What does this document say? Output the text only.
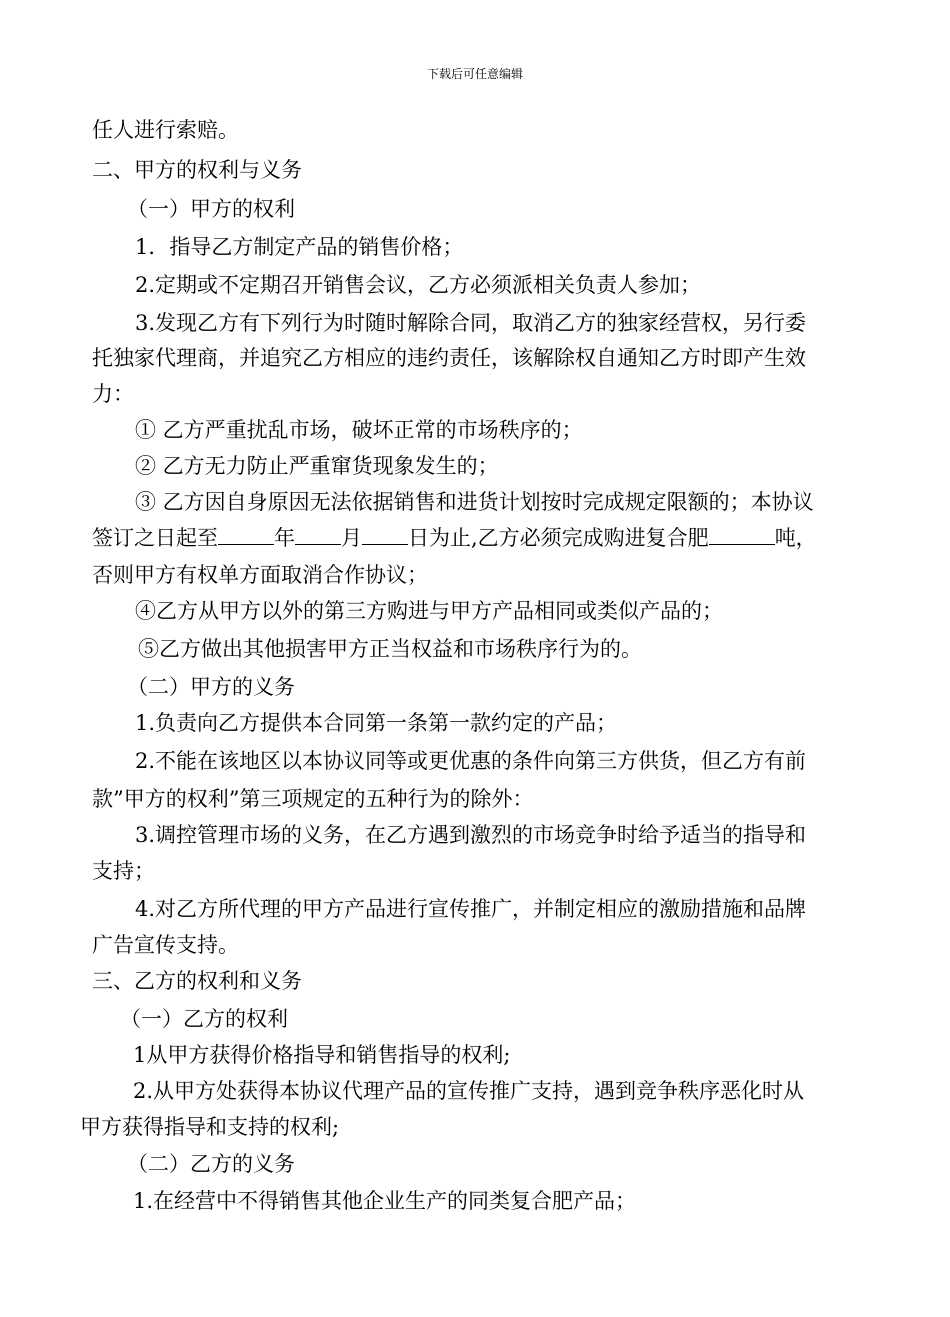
下载后可任意编辑

任人进行索赔。

二、甲方的权利与义务

（一）甲方的权利

1．指导乙方制定产品的销售价格；

2.定期或不定期召开销售会议，乙方必须派相关负责人参加；

3.发现乙方有下列行为时随时解除合同，取消乙方的独家经营权，另行委

托独家代理商，并追究乙方相应的违约责任，该解除权自通知乙方时即产生效

力：

① 乙方严重扰乱市场，破坏正常的市场秩序的；

② 乙方无力防止严重窜货现象发生的；

③ 乙方因自身原因无法依据销售和进货计划按时完成规定限额的；本协议

签订之日起至	年 月 日为止,乙方必须完成购进复合肥	吨，

否则甲方有权单方面取消合作协议；

④乙方从甲方以外的第三方购进与甲方产品相同或类似产品的；

⑤乙方做出其他损害甲方正当权益和市场秩序行为的。

（二）甲方的义务

1.负责向乙方提供本合同第一条第一款约定的产品；

2.不能在该地区以本协议同等或更优惠的条件向第三方供货，但乙方有前

款”甲方的权利”第三项规定的五种行为的除外：

3.调控管理市场的义务，在乙方遇到激烈的市场竞争时给予适当的指导和

支持；

4.对乙方所代理的甲方产品进行宣传推广，并制定相应的激励措施和品牌

广告宣传支持。

三、乙方的权利和义务

（一）乙方的权利

1从甲方获得价格指导和销售指导的权利;

2.从甲方处获得本协议代理产品的宣传推广支持，遇到竞争秩序恶化时从

甲方获得指导和支持的权利;

（二）乙方的义务

1.在经营中不得销售其他企业生产的同类复合肥产品；
